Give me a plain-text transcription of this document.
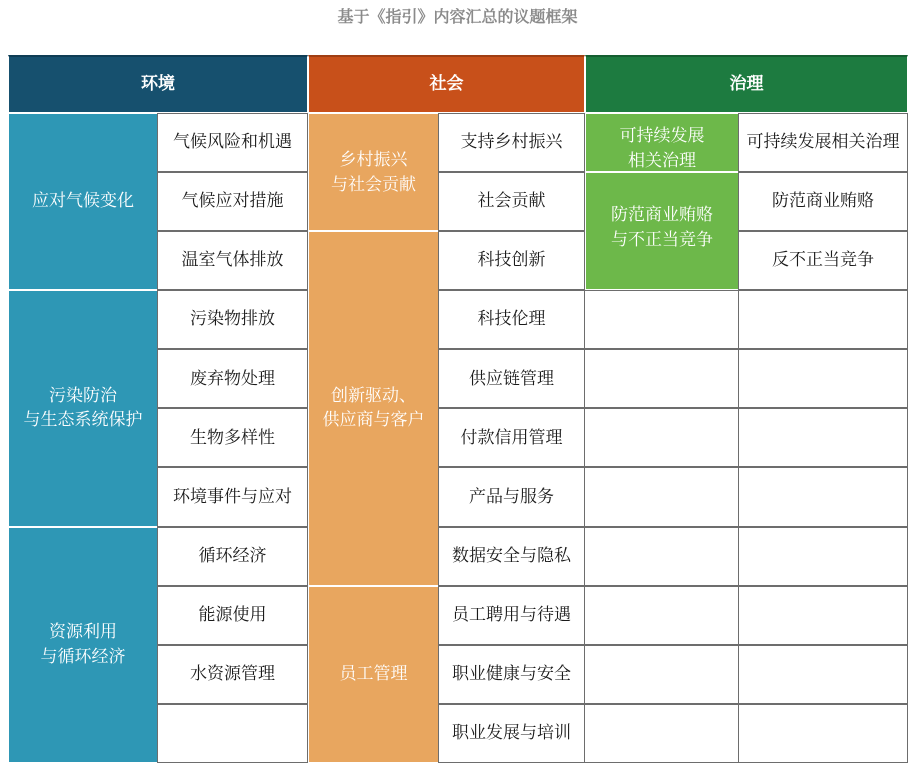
基于《指引》内容汇总的议题框架
环境	社会	治理
应对气候变化
污染防治
与生态系统保护
资源利用
与循环经济
气候风险和机遇
气候应对措施
温室气体排放
污染物排放
废弃物处理
生物多样性
环境事件与应对
循环经济
能源使用
水资源管理
乡村振兴
与社会贡献
创新驱动、
供应商与客户
员工管理
支持乡村振兴
社会贡献
科技创新
科技伦理
供应链管理
付款信用管理
产品与服务
数据安全与隐私
员工聘用与待遇
职业健康与安全
职业发展与培训
可持续发展
相关治理
防范商业贿赂
与不正当竞争
可持续发展相关治理
防范商业贿赂
反不正当竞争
